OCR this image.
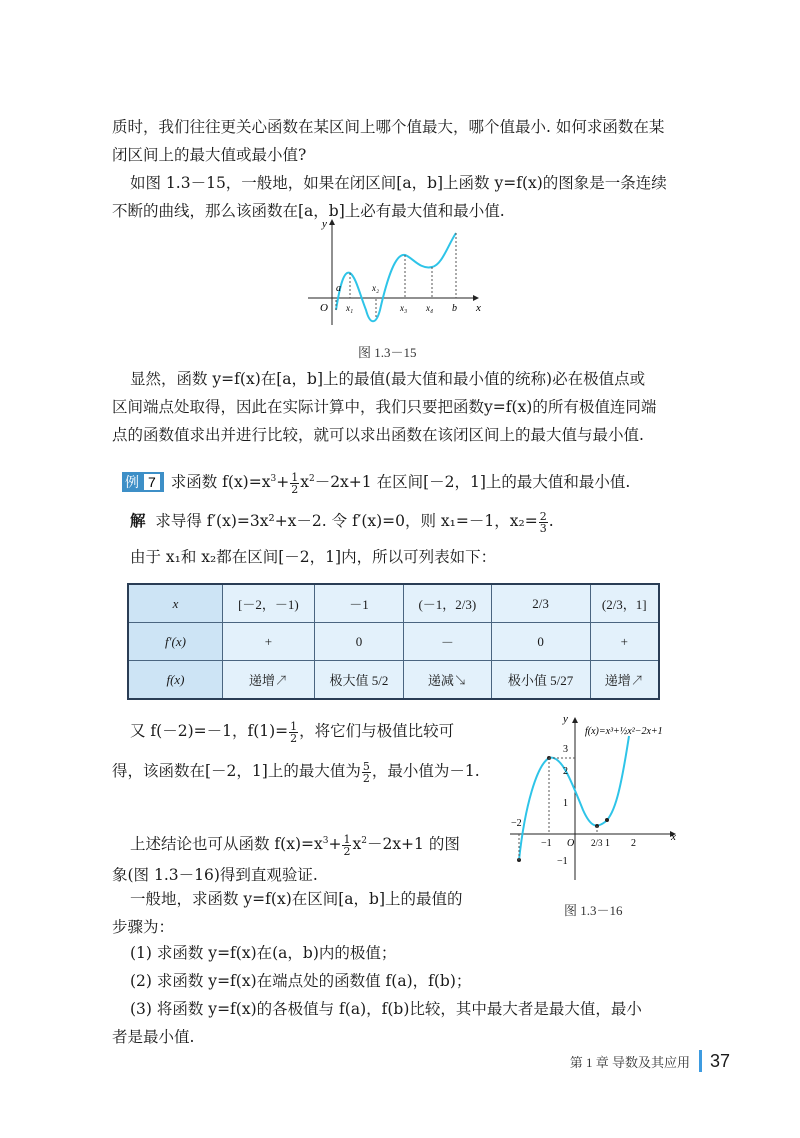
质时，我们往往更关心函数在某区间上哪个值最大，哪个值最小. 如何求函数在某
闭区间上的最大值或最小值?
如图 1.3－15，一般地，如果在闭区间[a，b]上函数 y=f(x)的图象是一条连续
不断的曲线，那么该函数在[a，b]上必有最大值和最小值.
y
x
O
a
x₁
x₂
x₃ x₄ b
图 1.3－15
显然，函数 y=f(x)在[a，b]上的最值(最大值和最小值的统称)必在极值点或
区间端点处取得，因此在实际计算中，我们只要把函数y=f(x)的所有极值连同端
点的函数值求出并进行比较，就可以求出函数在该闭区间上的最大值与最小值.
例 7 求函数 $f(x)=x^3+ \frac{1}{2} x^2-2x+1$ 在区间[－2，1]上的最大值和最小值.
解 求导得 f′(x)=3x²+x－2. 令 f′(x)=0，则 x₁=－1，$x_2= \frac{2}{3}$ .
由于 x₁和 x₂都在区间[－2，1]内，所以可列表如下：
x	[－2，－1)	－1	(－1，2/3)	2/3	(2/3，1]
f′(x)	+	0	－	0	+
f(x)	递增↗	极大值 5/2	递减↘	极小值 5/27	递增↗
又 f(－2)=－1，$f(1)= \frac{1}{2}$ ，将它们与极值比较可
得，该函数在[－2，1]上的最大值为 $\frac{5}{2}$ ，最小值为－1.
上述结论也可从函数 $f(x)=x^3+ \frac{1}{2} x^2-2x+1$ 的图
象(图 1.3－16)得到直观验证.
一般地，求函数 y=f(x)在区间[a，b]上的最值的
步骤为：
(1) 求函数 y=f(x)在(a，b)内的极值；
(2) 求函数 y=f(x)在端点处的函数值 f(a)，f(b)；
(3) 将函数 y=f(x)的各极值与 f(a)，f(b)比较，其中最大者是最大值，最小
者是最小值.
y
x
f(x)=x³+½x²−2x+1
3
2
1
−1
−2
−1 O 2/3 1 2
图 1.3－16
第 1 章 导数及其应用 37
